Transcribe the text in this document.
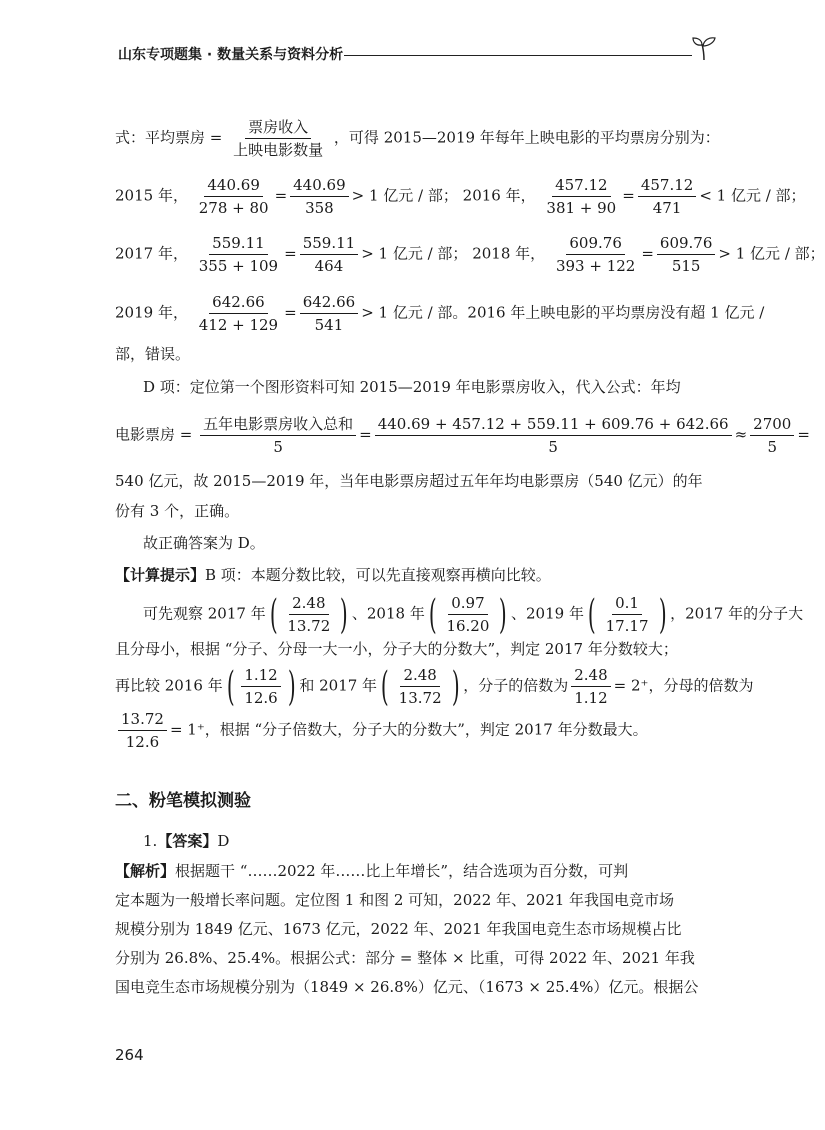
山东专项题集 · 数量关系与资料分析
式：平均票房 = $\frac{\text{票房收入}}{\text{上映电影数量}}$ ，可得 2015—2019 年每年上映电影的平均票房分别为：
2015 年， $\frac{440.69}{278 + 80} = \frac{440.69}{358} > 1$ 亿元 / 部； 2016 年， $\frac{457.12}{381 + 90} = \frac{457.12}{471} < 1$ 亿元 / 部；
2017 年， $\frac{559.11}{355 + 109} = \frac{559.11}{464} > 1$ 亿元 / 部； 2018 年， $\frac{609.76}{393 + 122} = \frac{609.76}{515} > 1$ 亿元 / 部；
2019 年， $\frac{642.66}{412 + 129} = \frac{642.66}{541} > 1$ 亿元 / 部。2016 年上映电影的平均票房没有超 1 亿元 /
部，错误。
D 项：定位第一个图形资料可知 2015—2019 年电影票房收入，代入公式：年均
电影票房 = $\frac{\text{五年电影票房收入总和}}{5} = \frac{440.69 + 457.12 + 559.11 + 609.76 + 642.66}{5} \approx \frac{2700}{5}$ =
540 亿元，故 2015—2019 年，当年电影票房超过五年年均电影票房（540 亿元）的年
份有 3 个，正确。
故正确答案为 D。
【计算提示】B 项：本题分数比较，可以先直接观察再横向比较。
可先观察 2017 年 ( $\frac{2.48}{13.72}$ ) 、2018 年 ( $\frac{0.97}{16.20}$ ) 、2019 年 ( $\frac{0.1}{17.17}$ ) ，2017 年的分子大
且分母小，根据 “分子、分母一大一小，分子大的分数大”，判定 2017 年分数较大；
再比较 2016 年 ( $\frac{1.12}{12.6}$ ) 和 2017 年 ( $\frac{2.48}{13.72}$ ) ，分子的倍数为 $\frac{2.48}{1.12} = 2^+$，分母的倍数为
$\frac{13.72}{12.6} = 1^+$，根据 “分子倍数大，分子大的分数大”，判定 2017 年分数最大。
二、粉笔模拟测验
1.【答案】D
【解析】根据题干 “……2022 年……比上年增长”，结合选项为百分数，可判
定本题为一般增长率问题。定位图 1 和图 2 可知，2022 年、2021 年我国电竞市场
规模分别为 1849 亿元、1673 亿元，2022 年、2021 年我国电竞生态市场规模占比
分别为 26.8%、25.4%。根据公式：部分 = 整体 × 比重，可得 2022 年、2021 年我
国电竞生态市场规模分别为（1849 × 26.8%）亿元、（1673 × 25.4%）亿元。根据公
264
